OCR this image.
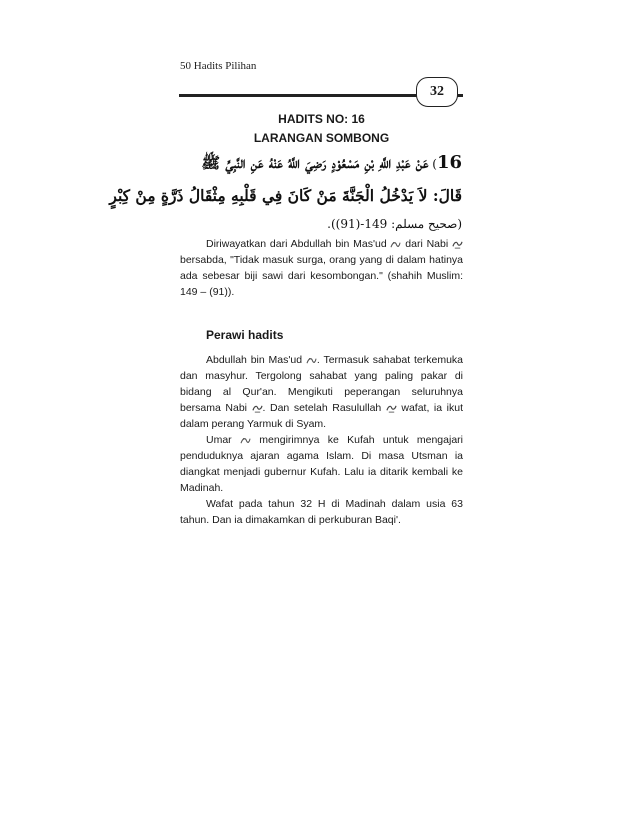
50 Hadits Pilihan
32
HADITS NO: 16
LARANGAN SOMBONG
16) عَنْ عَبْدِ اللَّهِ بْنِ مَسْعُوْدٍ رَضِيَ اللَّهُ عَنْهُ عَنِ النَّبِيِّ ﷺ
قَالَ: لاَ يَدْخُلُ الْجَنَّةَ مَنْ كَانَ فِي قَلْبِهِ مِثْقَالُ ذَرَّةٍ مِنْ كِبْرٍ
(صحيح مسلم: 149-(91)).
Diriwayatkan dari Abdullah bin Mas'ud  dari Nabi  bersabda, "Tidak masuk surga, orang yang di dalam hatinya ada sebesar biji sawi dari kesombongan." (shahih Muslim: 149 – (91)).
Perawi hadits

Abdullah bin Mas'ud . Termasuk sahabat terkemuka dan masyhur. Tergolong sahabat yang paling pakar di bidang al Qur'an. Mengikuti peperangan seluruhnya bersama Nabi . Dan setelah Rasulullah  wafat, ia ikut dalam perang Yarmuk di Syam.

Umar  mengirimnya ke Kufah untuk mengajari penduduknya ajaran agama Islam. Di masa Utsman ia diangkat menjadi gubernur Kufah. Lalu ia ditarik kembali ke Madinah.

Wafat pada tahun 32 H di Madinah dalam usia 63 tahun. Dan ia dimakamkan di perkuburan Baqi'.
